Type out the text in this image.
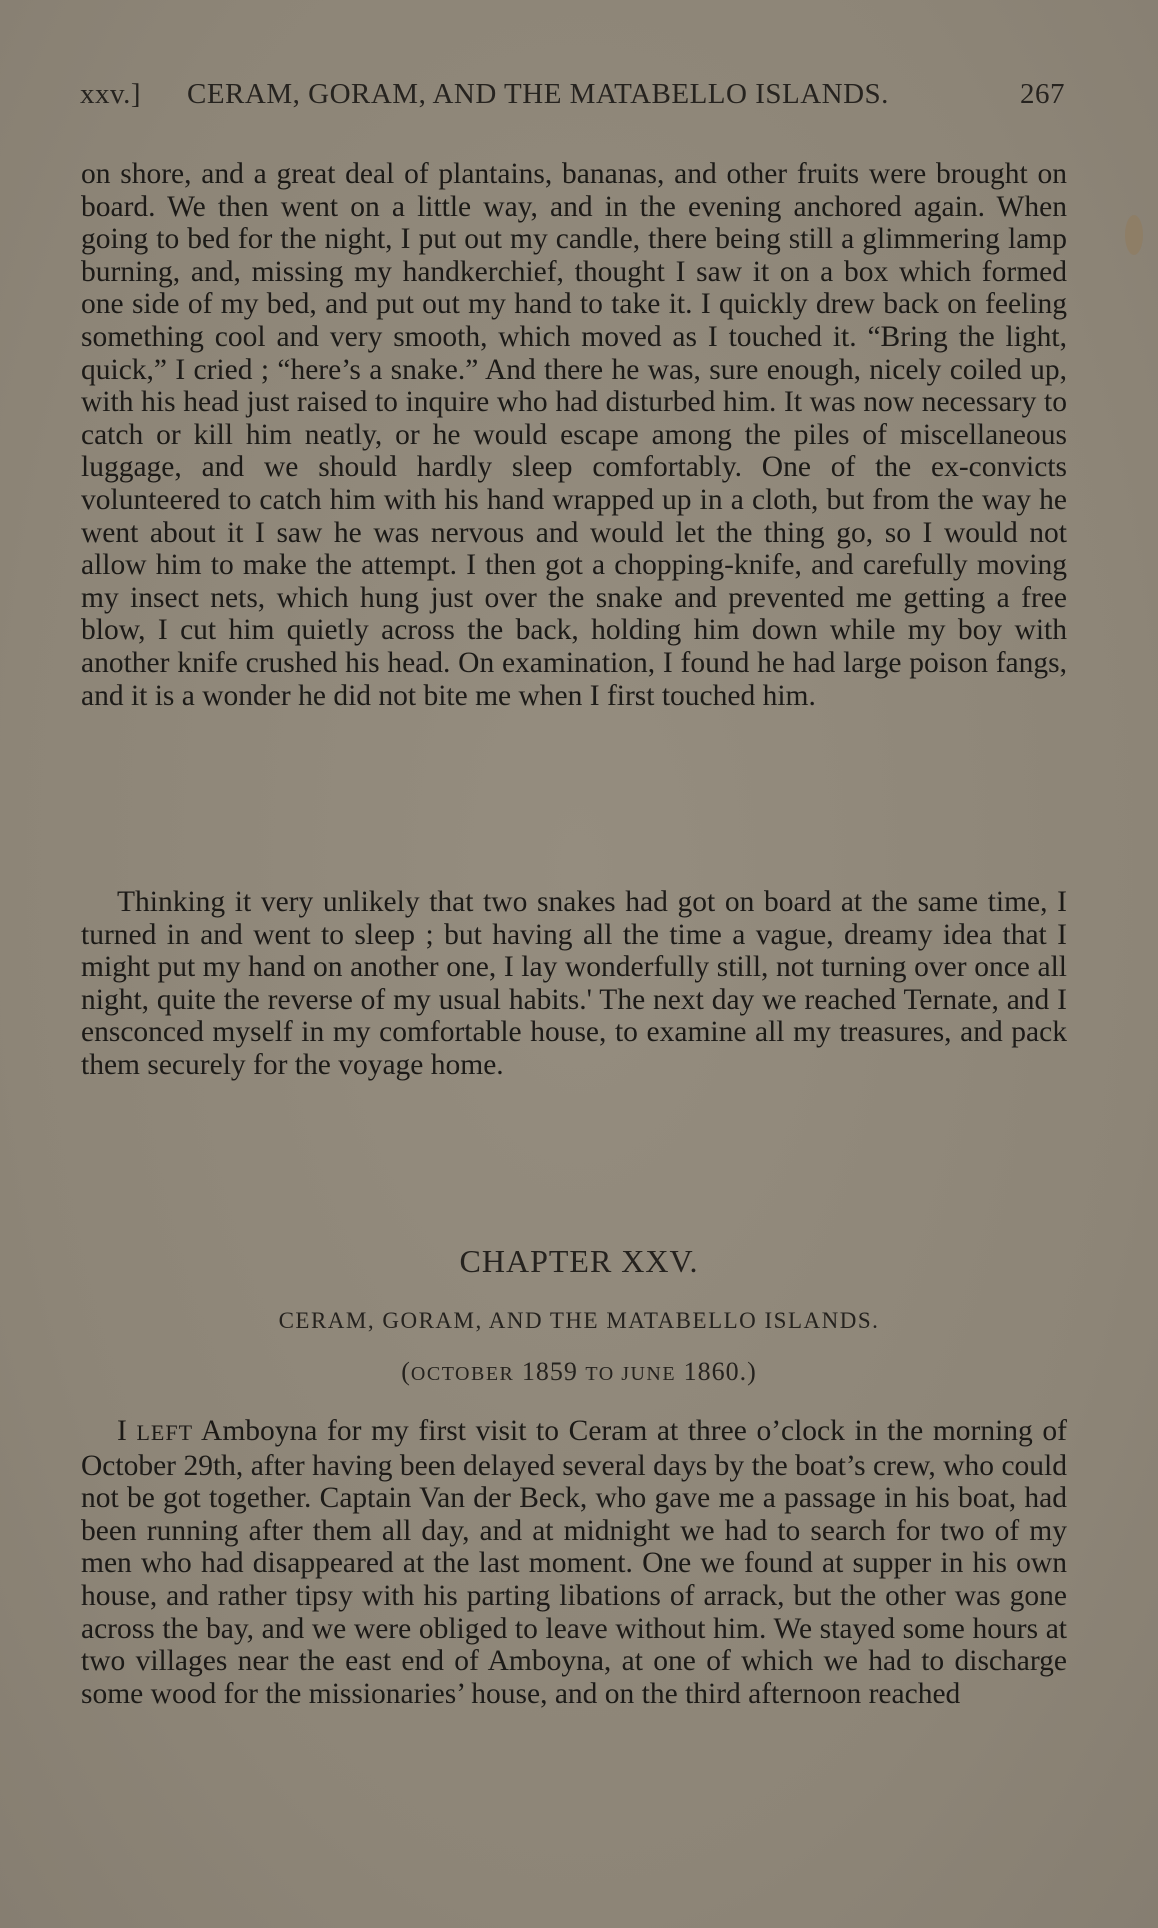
xxv.] CERAM, GORAM, AND THE MATABELLO ISLANDS.	267

on shore, and a great deal of plantains, bananas, and other fruits were brought on board. We then went on a little way, and in the evening anchored again. When going to bed for the night, I put out my candle, there being still a glimmering lamp burning, and, missing my handkerchief, thought I saw it on a box which formed one side of my bed, and put out my hand to take it. I quickly drew back on feeling something cool and very smooth, which moved as I touched it. “Bring the light, quick,” I cried ; “here’s a snake.” And there he was, sure enough, nicely coiled up, with his head just raised to inquire who had disturbed him. It was now necessary to catch or kill him neatly, or he would escape among the piles of miscellaneous luggage, and we should hardly sleep comfortably. One of the ex-convicts volunteered to catch him with his hand wrapped up in a cloth, but from the way he went about it I saw he was nervous and would let the thing go, so I would not allow him to make the attempt. I then got a chopping-knife, and carefully moving my insect nets, which hung just over the snake and prevented me getting a free blow, I cut him quietly across the back, holding him down while my boy with another knife crushed his head. On examination, I found he had large poison fangs, and it is a wonder he did not bite me when I first touched him.

Thinking it very unlikely that two snakes had got on board at the same time, I turned in and went to sleep ; but having all the time a vague, dreamy idea that I might put my hand on another one, I lay wonderfully still, not turning over once all night, quite the reverse of my usual habits.' The next day we reached Ternate, and I ensconced myself in my comfortable house, to examine all my treasures, and pack them securely for the voyage home.

CHAPTER XXV.
CERAM, GORAM, AND THE MATABELLO ISLANDS.
(OCTOBER 1859 TO JUNE 1860.)

I LEFT Amboyna for my first visit to Ceram at three o’clock in the morning of October 29th, after having been delayed several days by the boat’s crew, who could not be got together. Captain Van der Beck, who gave me a passage in his boat, had been running after them all day, and at midnight we had to search for two of my men who had disappeared at the last moment. One we found at supper in his own house, and rather tipsy with his parting libations of arrack, but the other was gone across the bay, and we were obliged to leave without him. We stayed some hours at two villages near the east end of Amboyna, at one of which we had to discharge some wood for the missionaries’ house, and on the third afternoon reached
